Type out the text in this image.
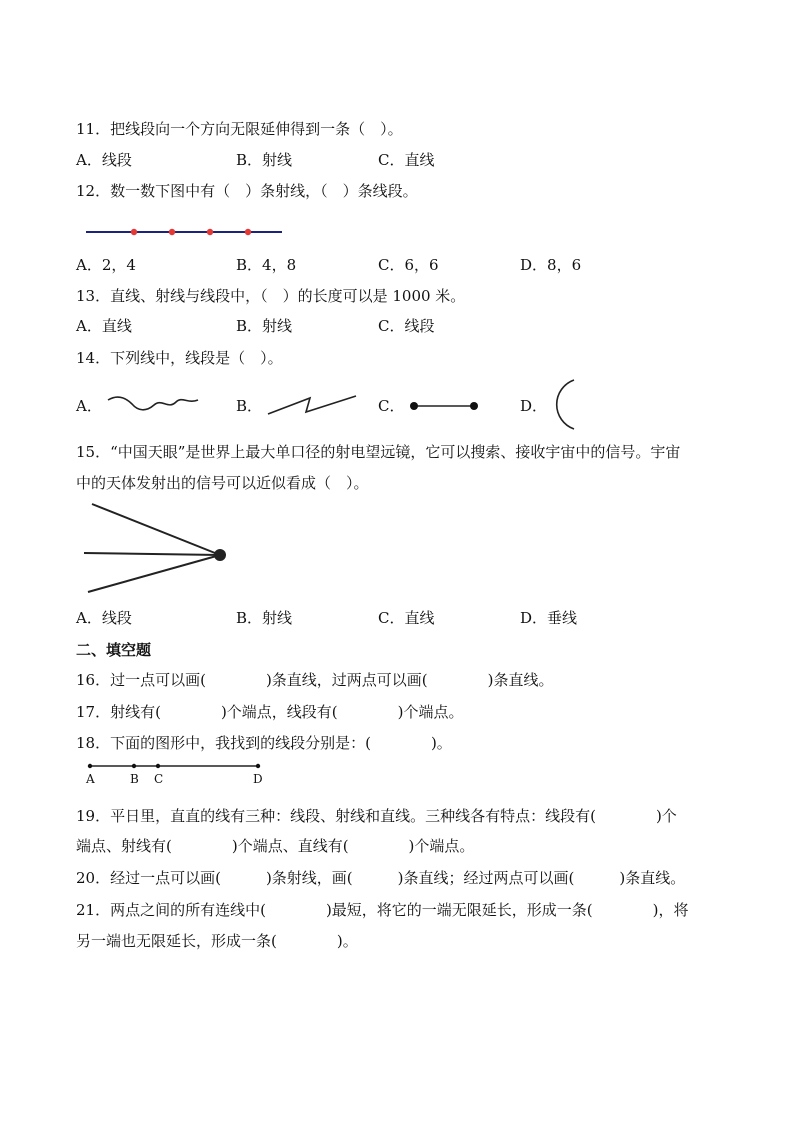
11．把线段向一个方向无限延伸得到一条（　）。
A．线段	B．射线	C．直线
12．数一数下图中有（　）条射线，（　）条线段。
A．2，4	B．4，8	C．6，6	D．8，6
13．直线、射线与线段中，（　）的长度可以是 1000 米。
A．直线	B．射线	C．线段
14．下列线中，线段是（　）。
A．	B．	C．	D．
15．“中国天眼”是世界上最大单口径的射电望远镜，它可以搜索、接收宇宙中的信号。宇宙
中的天体发射出的信号可以近似看成（　）。
A．线段	B．射线	C．直线	D．垂线
二、填空题
16．过一点可以画(　　　　)条直线，过两点可以画(　　　　)条直线。
17．射线有(　　　　)个端点，线段有(　　　　)个端点。
18．下面的图形中，我找到的线段分别是：(　　　　)。
A	B C	D
19．平日里，直直的线有三种：线段、射线和直线。三种线各有特点：线段有(　　　　)个
端点、射线有(　　　　)个端点、直线有(　　　　)个端点。
20．经过一点可以画(　　　)条射线，画(　　　)条直线；经过两点可以画(　　　)条直线。
21．两点之间的所有连线中(　　　　)最短，将它的一端无限延长，形成一条(　　　　)，将
另一端也无限延长，形成一条(　　　　)。
